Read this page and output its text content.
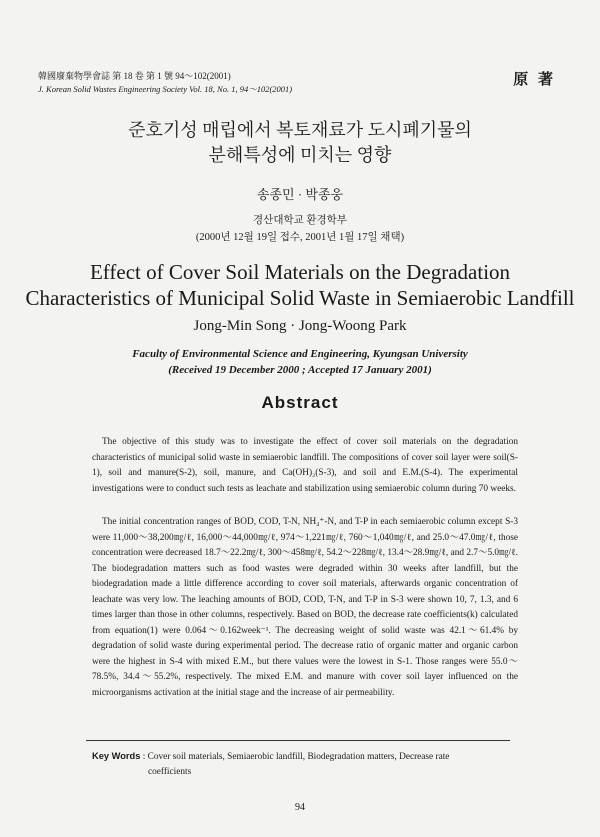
韓國廢棄物學會誌 第 18 卷 第 1 號 94～102(2001)
J. Korean Solid Wastes Engineering Society Vol. 18, No. 1, 94～102(2001)
原 著
준호기성 매립에서 복토재료가 도시폐기물의
분해특성에 미치는 영향
송종민 · 박종웅
경산대학교 환경학부
(2000년 12월 19일 접수, 2001년 1월 17일 채택)
Effect of Cover Soil Materials on the Degradation
Characteristics of Municipal Solid Waste in Semiaerobic Landfill
Jong-Min Song · Jong-Woong Park
Faculty of Environmental Science and Engineering, Kyungsan University
(Received 19 December 2000 ; Accepted 17 January 2001)
Abstract

The objective of this study was to investigate the effect of cover soil materials on the degradation characteristics of municipal solid waste in semiaerobic landfill. The compositions of cover soil layer were soil(S-1), soil and manure(S-2), soil, manure, and Ca(OH)₂(S-3), and soil and E.M.(S-4). The experimental investigations were to conduct such tests as leachate and stabilization using semiaerobic column during 70 weeks.

The initial concentration ranges of BOD, COD, T-N, NH₄⁺-N, and T-P in each semiaerobic column except S-3 were 11,000～38,200㎎/ℓ, 16,000～44,000㎎/ℓ, 974～1,221㎎/ℓ, 760～1,040㎎/ℓ, and 25.0～47.0㎎/ℓ, those concentration were decreased 18.7～22.2㎎/ℓ, 300～458㎎/ℓ, 54.2～228㎎/ℓ, 13.4～28.9㎎/ℓ, and 2.7～5.0㎎/ℓ. The biodegradation matters such as food wastes were degraded within 30 weeks after landfill, but the biodegradation made a little difference according to cover soil materials, afterwards organic concentration of leachate was very low. The leaching amounts of BOD, COD, T-N, and T-P in S-3 were shown 10, 7, 1.3, and 6 times larger than those in other columns, respectively. Based on BOD, the decrease rate coefficients(k) calculated from equation(1) were 0.064～0.162week⁻¹. The decreasing weight of solid waste was 42.1～61.4% by degradation of solid waste during experimental period. The decrease ratio of organic matter and organic carbon were the highest in S-4 with mixed E.M., but there values were the lowest in S-1. Those ranges were 55.0～78.5%, 34.4～55.2%, respectively. The mixed E.M. and manure with cover soil layer influenced on the microorganisms activation at the initial stage and the increase of air permeability.

Key Words : Cover soil materials, Semiaerobic landfill, Biodegradation matters, Decrease rate
coefficients
94
